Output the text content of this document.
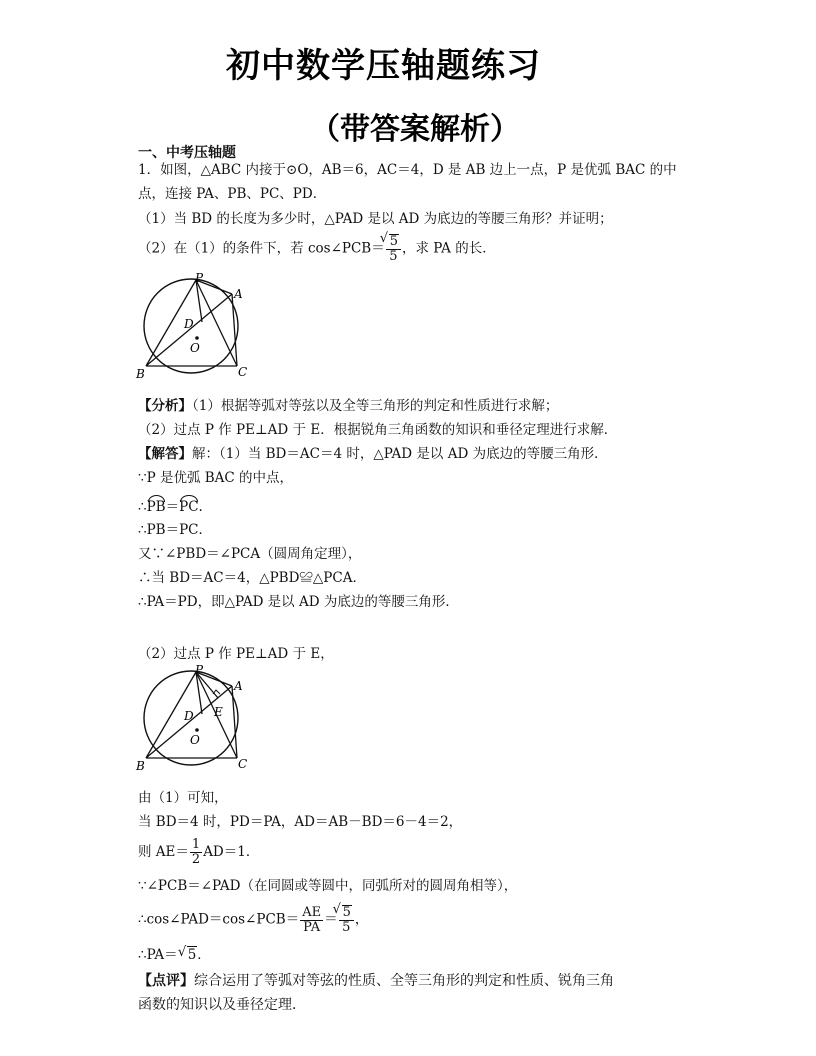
初中数学压轴题练习
（带答案解析）
一、中考压轴题
1．如图，△ABC 内接于⊙O，AB＝6，AC＝4，D 是 AB 边上一点，P 是优弧 BAC 的中
点，连接 PA、PB、PC、PD．
（1）当 BD 的长度为多少时，△PAD 是以 AD 为底边的等腰三角形？并证明；
（2）在（1）的条件下，若 cos∠PCB＝ √ $\frac{5}{5}$ ，求 PA 的长．
P
A
B	C
D
O
【分析】（1）根据等弧对等弦以及全等三角形的判定和性质进行求解；
（2）过点 P 作 PE⊥AD 于 E．根据锐角三角函数的知识和垂径定理进行求解．
【解答】解：（1）当 BD＝AC＝4 时，△PAD 是以 AD 为底边的等腰三角形．
∵P 是优弧 BAC 的中点，
∴PB＝PC.
∴PB＝PC．
又∵∠PBD＝∠PCA（圆周角定理），
∴当 BD＝AC＝4，△PBD≌△PCA．
∴PA＝PD，即△PAD 是以 AD 为底边的等腰三角形．
（2）过点 P 作 PE⊥AD 于 E，
P
A
B	C
D E
O
由（1）可知，
当 BD＝4 时，PD＝PA，AD＝AB－BD＝6－4＝2，
则 $AE= \frac{1}{2} AD=1$．
∵∠PCB＝∠PAD（在同圆或等圆中，同弧所对的圆周角相等），
∴cos∠PAD＝cos∠PCB＝ $\frac{AE}{PA}$ ＝ √ $\frac{5}{5}$ ，
∴PA＝ √ 5．
【点评】综合运用了等弧对等弦的性质、全等三角形的判定和性质、锐角三角
函数的知识以及垂径定理．
